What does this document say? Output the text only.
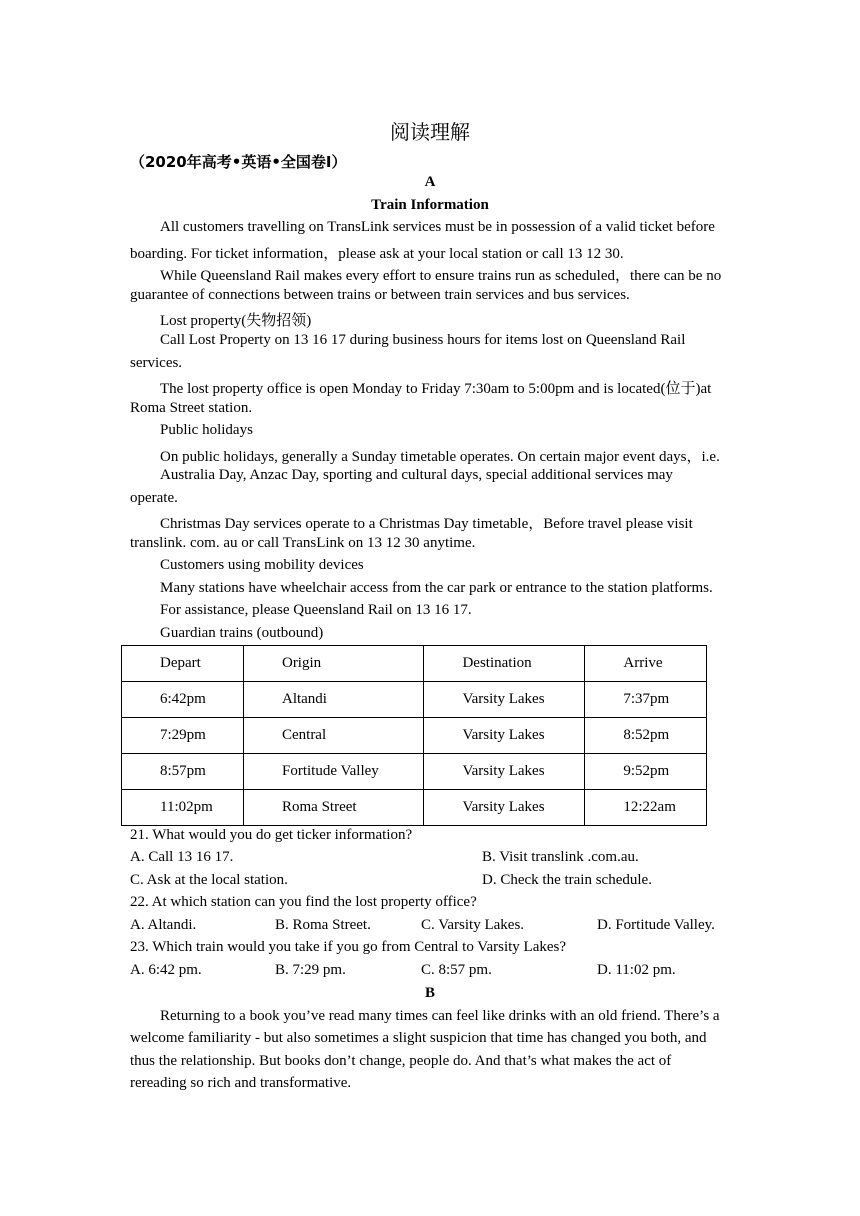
阅读理解
（2020年高考•英语•全国卷Ⅰ）
A
Train Information
All customers travelling on TransLink services must be in possession of a valid ticket before
boarding. For ticket information，please ask at your local station or call 13 12 30.
While Queensland Rail makes every effort to ensure trains run as scheduled，there can be no
guarantee of connections between trains or between train services and bus services.
Lost property(失物招领)
Call Lost Property on 13 16 17 during business hours for items lost on Queensland Rail
services.
The lost property office is open Monday to Friday 7:30am to 5:00pm and is located(位于)at
Roma Street station.
Public holidays
On public holidays, generally a Sunday timetable operates. On certain major event days，i.e.
Australia Day, Anzac Day, sporting and cultural days, special additional services may
operate.
Christmas Day services operate to a Christmas Day timetable，Before travel please visit
translink. com. au or call TransLink on 13 12 30 anytime.
Customers using mobility devices
Many stations have wheelchair access from the car park or entrance to the station platforms.
For assistance, please Queensland Rail on 13 16 17.
Guardian trains (outbound)
Depart	Origin	Destination	Arrive
6:42pm	Altandi	Varsity Lakes	7:37pm
7:29pm	Central	Varsity Lakes	8:52pm
8:57pm	Fortitude Valley	Varsity Lakes	9:52pm
11:02pm	Roma Street	Varsity Lakes	12:22am
21. What would you do get ticker information?
A. Call 13 16 17.	B. Visit translink .com.au.
C. Ask at the local station.	D. Check the train schedule.
22. At which station can you find the lost property office?
A. Altandi.	B. Roma Street.	C. Varsity Lakes.	D. Fortitude Valley.
23. Which train would you take if you go from Central to Varsity Lakes?
A. 6:42 pm.	B. 7:29 pm.	C. 8:57 pm.	D. 11:02 pm.
B
Returning to a book you’ve read many times can feel like drinks with an old friend. There’s a
welcome familiarity - but also sometimes a slight suspicion that time has changed you both, and
thus the relationship. But books don’t change, people do. And that’s what makes the act of
rereading so rich and transformative.
